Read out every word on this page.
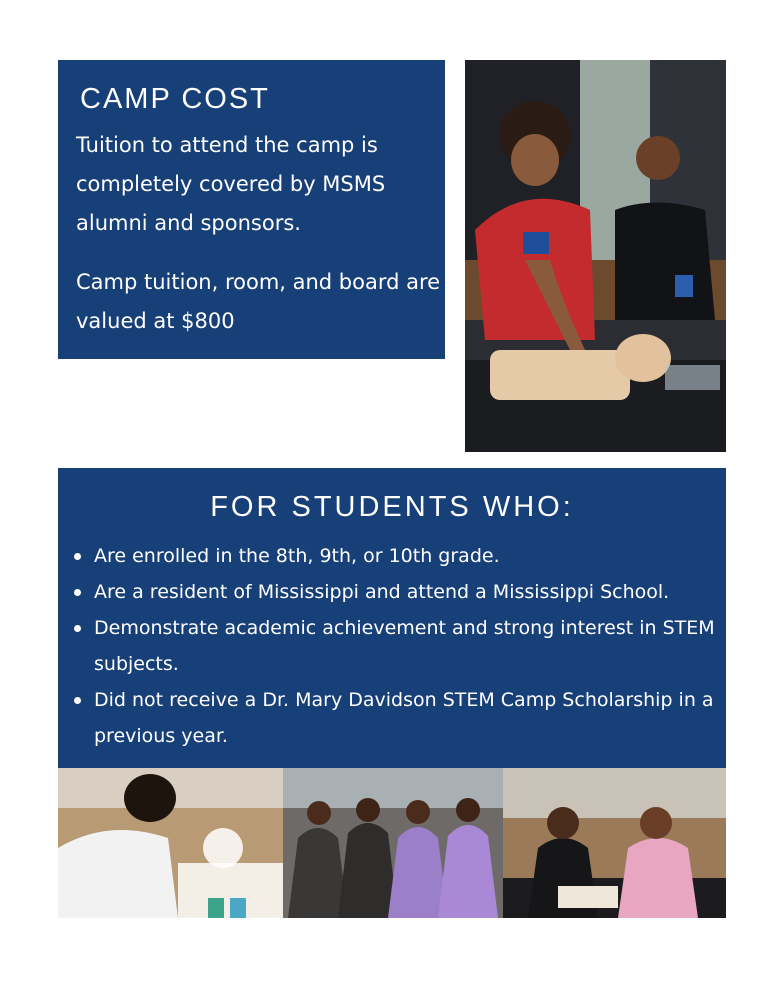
CAMP COST

Tuition to attend the camp is completely covered by MSMS alumni and sponsors.

Camp tuition, room, and board are valued at $800

FOR STUDENTS WHO:
Are enrolled in the 8th, 9th, or 10th grade.
Are a resident of Mississippi and attend a Mississippi School.
Demonstrate academic achievement and strong interest in STEM subjects.
Did not receive a Dr. Mary Davidson STEM Camp Scholarship in a previous year.
